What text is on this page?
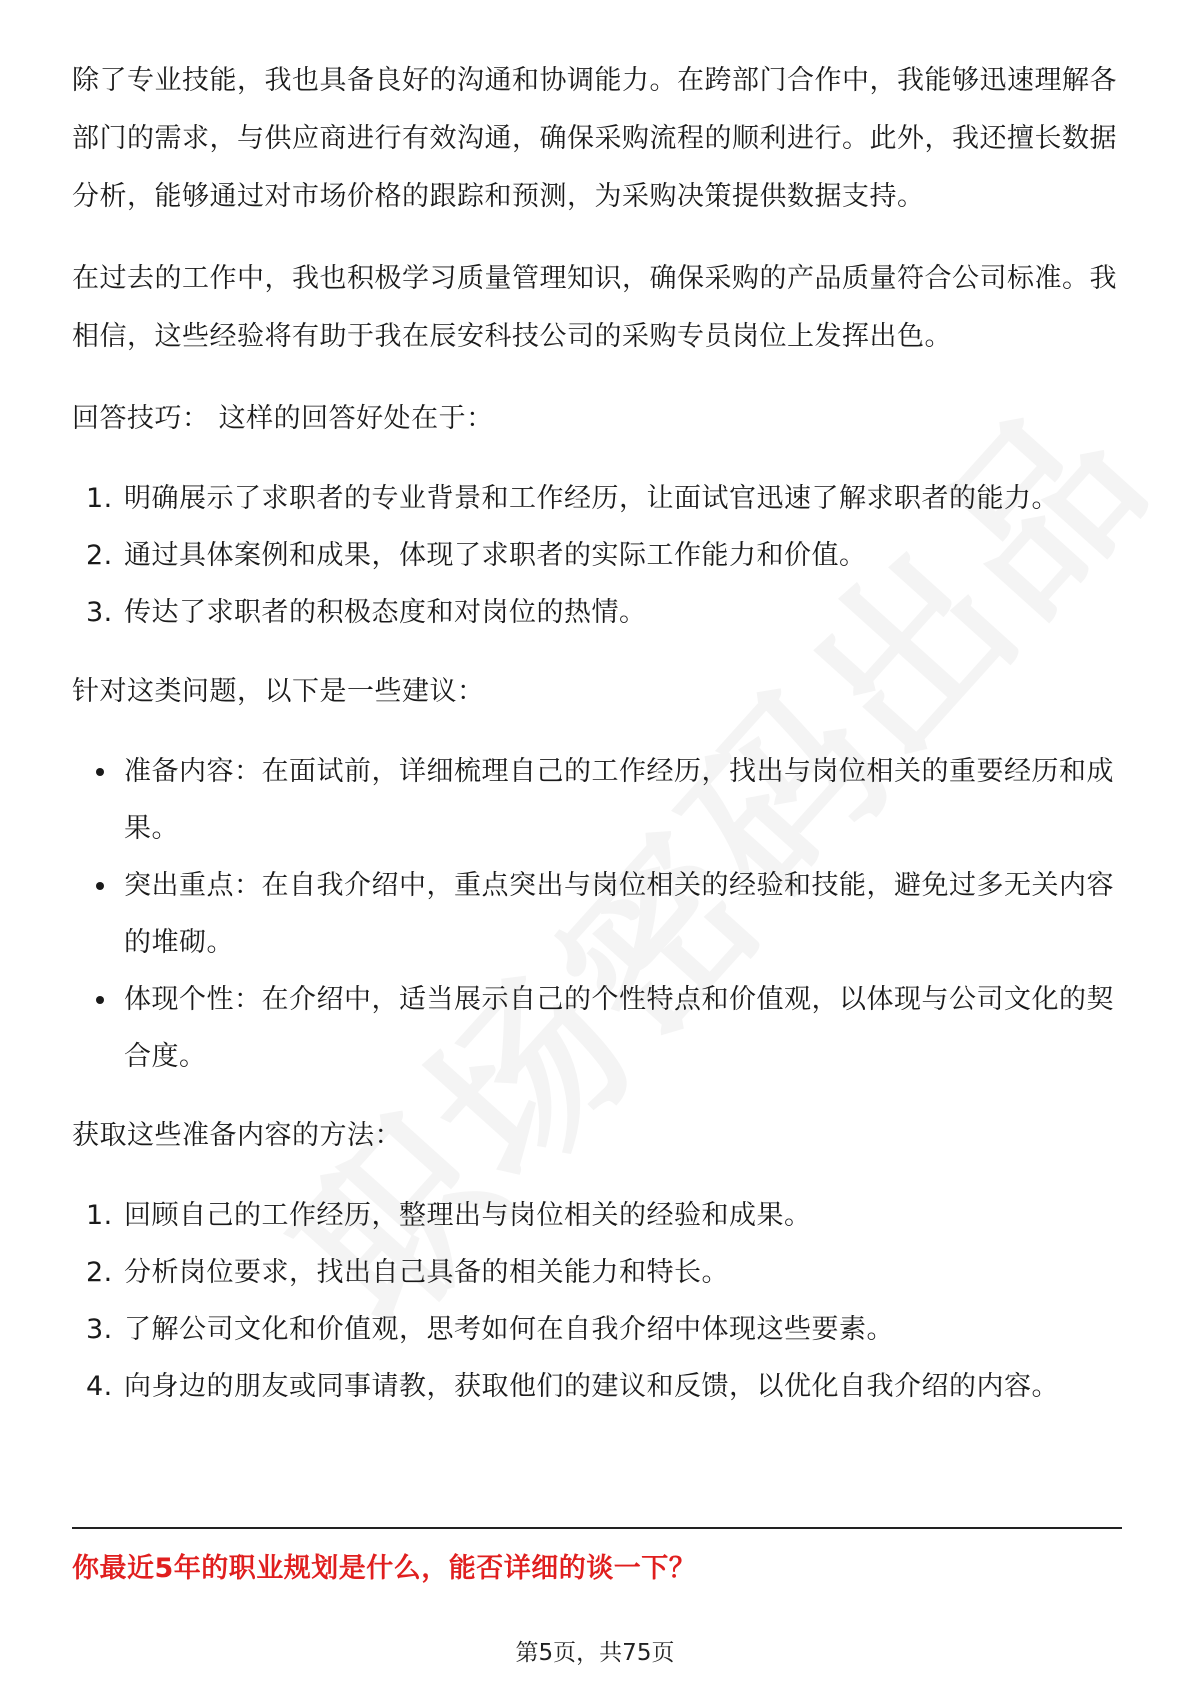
除了专业技能，我也具备良好的沟通和协调能力。在跨部门合作中，我能够迅速理解各部门的需求，与供应商进行有效沟通，确保采购流程的顺利进行。此外，我还擅长数据分析，能够通过对市场价格的跟踪和预测，为采购决策提供数据支持。

在过去的工作中，我也积极学习质量管理知识，确保采购的产品质量符合公司标准。我相信，这些经验将有助于我在辰安科技公司的采购专员岗位上发挥出色。

回答技巧： 这样的回答好处在于：

1. 明确展示了求职者的专业背景和工作经历，让面试官迅速了解求职者的能力。
2. 通过具体案例和成果，体现了求职者的实际工作能力和价值。
3. 传达了求职者的积极态度和对岗位的热情。

针对这类问题，以下是一些建议：

准备内容：在面试前，详细梳理自己的工作经历，找出与岗位相关的重要经历和成果。
突出重点：在自我介绍中，重点突出与岗位相关的经验和技能，避免过多无关内容的堆砌。
体现个性：在介绍中，适当展示自己的个性特点和价值观，以体现与公司文化的契合度。

获取这些准备内容的方法：

1. 回顾自己的工作经历，整理出与岗位相关的经验和成果。
2. 分析岗位要求，找出自己具备的相关能力和特长。
3. 了解公司文化和价值观，思考如何在自我介绍中体现这些要素。
4. 向身边的朋友或同事请教，获取他们的建议和反馈，以优化自我介绍的内容。
你最近5年的职业规划是什么，能否详细的谈一下？
第5页，共75页
